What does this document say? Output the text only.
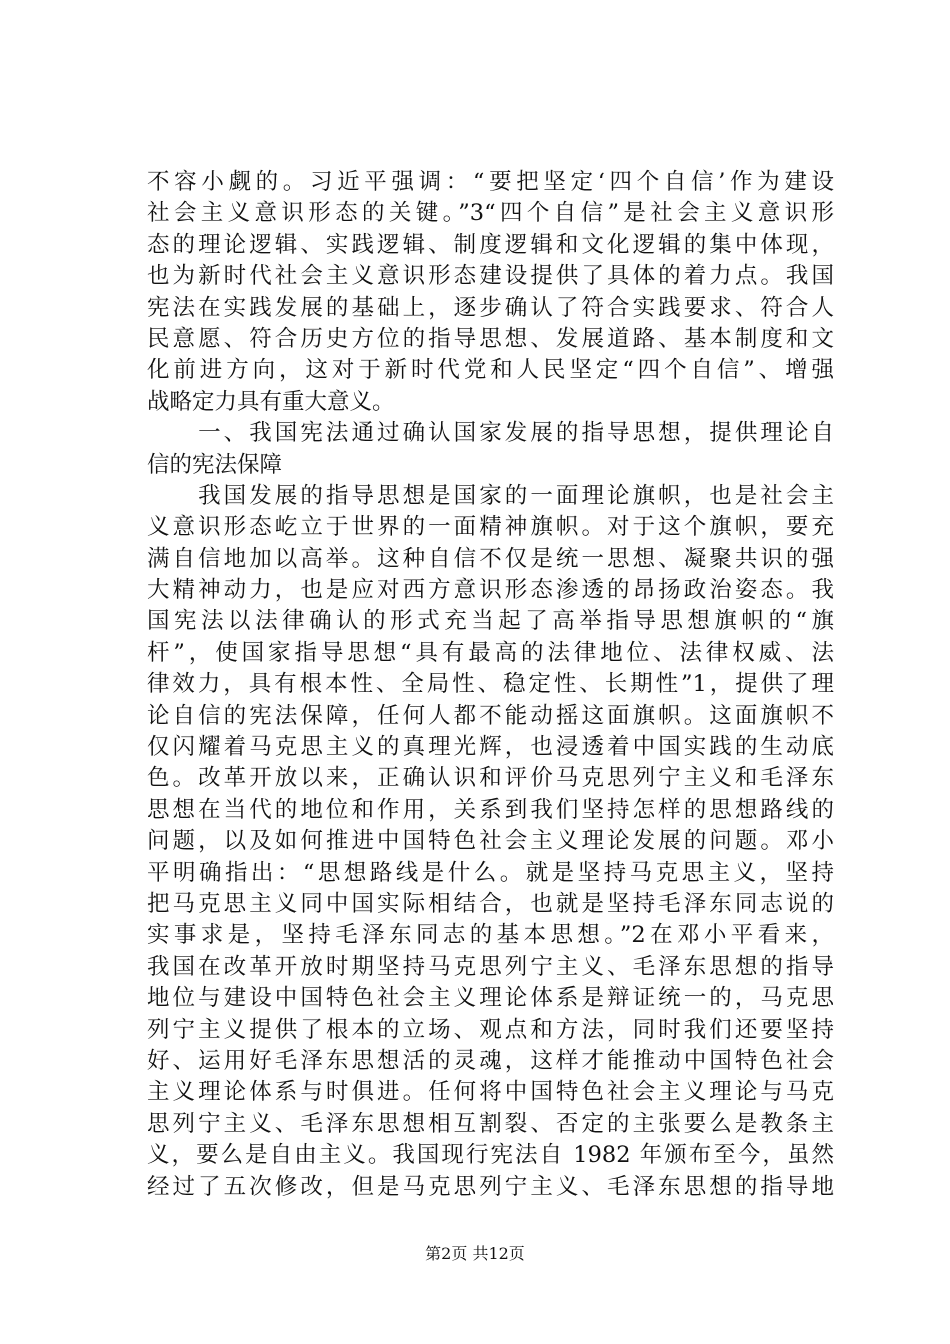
不容小觑的。习近平强调：“要把坚定‘四个自信’作为建设
社会主义意识形态的关键。”3“四个自信”是社会主义意识形
态的理论逻辑、实践逻辑、制度逻辑和文化逻辑的集中体现，
也为新时代社会主义意识形态建设提供了具体的着力点。我国
宪法在实践发展的基础上，逐步确认了符合实践要求、符合人
民意愿、符合历史方位的指导思想、发展道路、基本制度和文
化前进方向，这对于新时代党和人民坚定“四个自信”、增强
战略定力具有重大意义。
　　一、我国宪法通过确认国家发展的指导思想，提供理论自
信的宪法保障
　　我国发展的指导思想是国家的一面理论旗帜，也是社会主
义意识形态屹立于世界的一面精神旗帜。对于这个旗帜，要充
满自信地加以高举。这种自信不仅是统一思想、凝聚共识的强
大精神动力，也是应对西方意识形态渗透的昂扬政治姿态。我
国宪法以法律确认的形式充当起了高举指导思想旗帜的“旗
杆”，使国家指导思想“具有最高的法律地位、法律权威、法
律效力，具有根本性、全局性、稳定性、长期性”1，提供了理
论自信的宪法保障，任何人都不能动摇这面旗帜。这面旗帜不
仅闪耀着马克思主义的真理光辉，也浸透着中国实践的生动底
色。改革开放以来，正确认识和评价马克思列宁主义和毛泽东
思想在当代的地位和作用，关系到我们坚持怎样的思想路线的
问题，以及如何推进中国特色社会主义理论发展的问题。邓小
平明确指出：“思想路线是什么。就是坚持马克思主义，坚持
把马克思主义同中国实际相结合，也就是坚持毛泽东同志说的
实事求是，坚持毛泽东同志的基本思想。”2在邓小平看来，
我国在改革开放时期坚持马克思列宁主义、毛泽东思想的指导
地位与建设中国特色社会主义理论体系是辩证统一的，马克思
列宁主义提供了根本的立场、观点和方法，同时我们还要坚持
好、运用好毛泽东思想活的灵魂，这样才能推动中国特色社会
主义理论体系与时俱进。任何将中国特色社会主义理论与马克
思列宁主义、毛泽东思想相互割裂、否定的主张要么是教条主
义，要么是自由主义。我国现行宪法自 1982 年颁布至今，虽然
经过了五次修改，但是马克思列宁主义、毛泽东思想的指导地
第2页 共12页
